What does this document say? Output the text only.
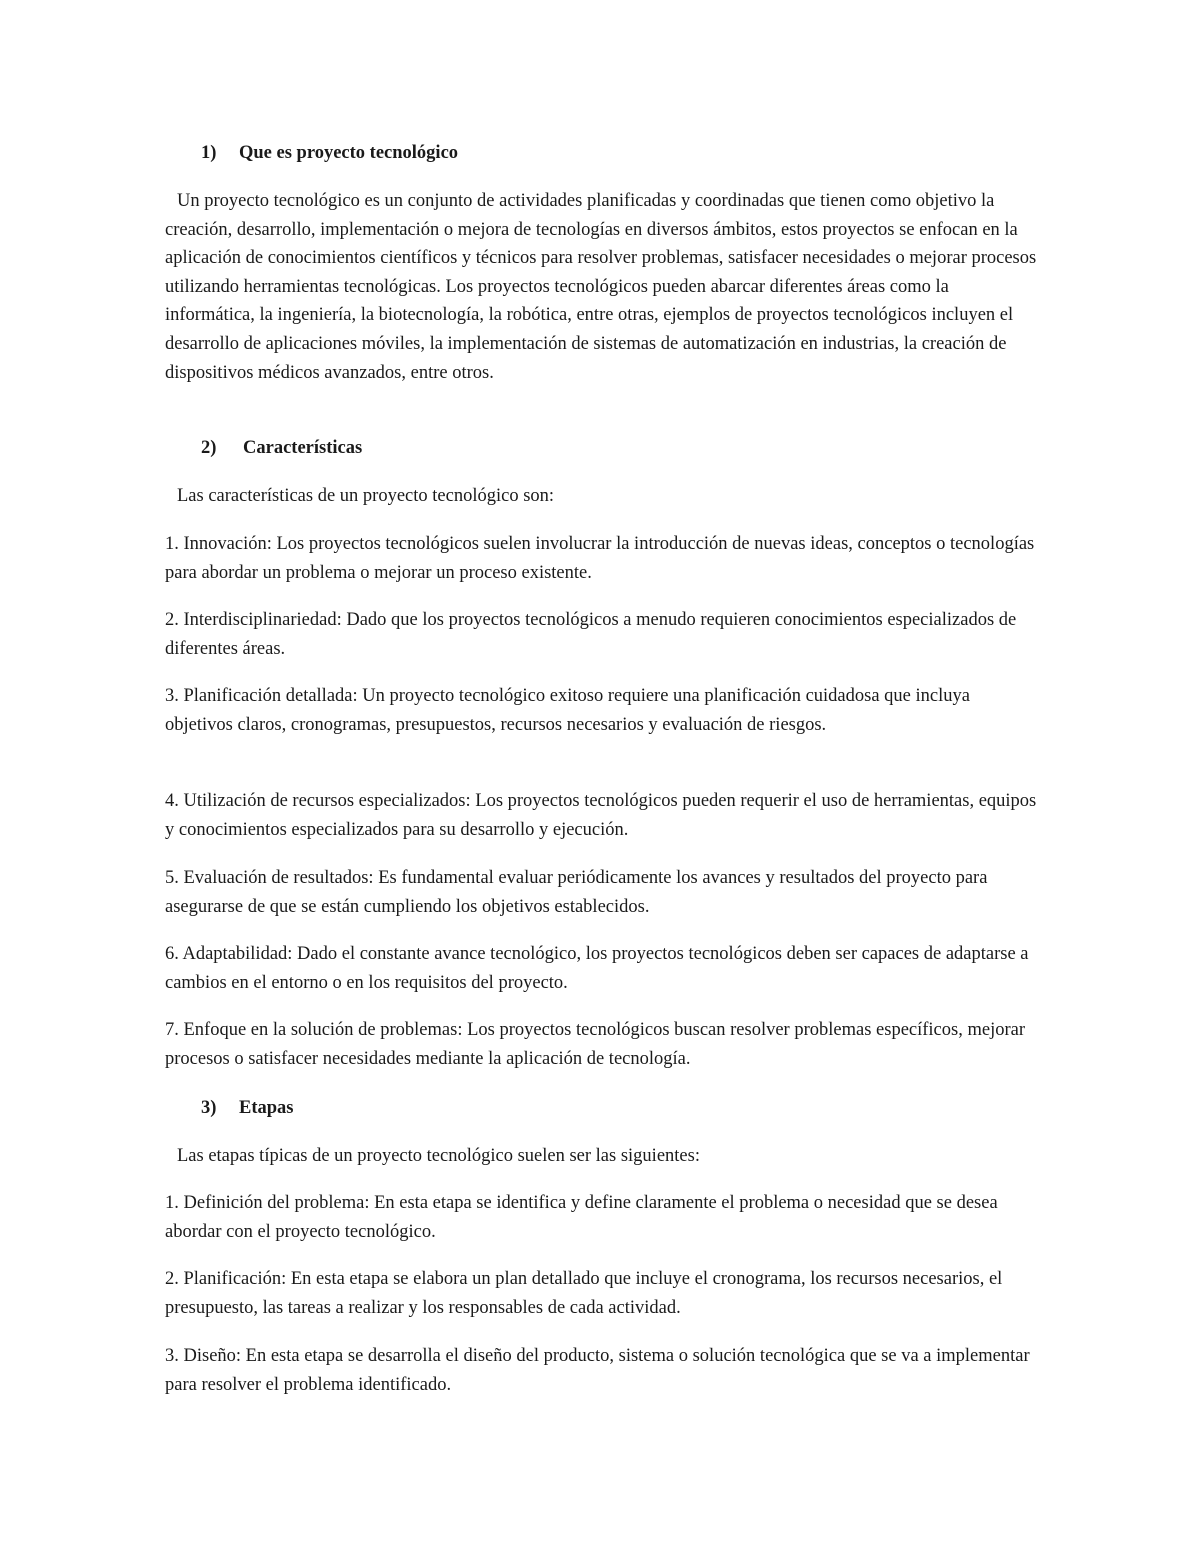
1) Que es proyecto tecnológico

Un proyecto tecnológico es un conjunto de actividades planificadas y coordinadas que tienen como objetivo la creación, desarrollo, implementación o mejora de tecnologías en diversos ámbitos, estos proyectos se enfocan en la aplicación de conocimientos científicos y técnicos para resolver problemas, satisfacer necesidades o mejorar procesos utilizando herramientas tecnológicas. Los proyectos tecnológicos pueden abarcar diferentes áreas como la informática, la ingeniería, la biotecnología, la robótica, entre otras, ejemplos de proyectos tecnológicos incluyen el desarrollo de aplicaciones móviles, la implementación de sistemas de automatización en industrias, la creación de dispositivos médicos avanzados, entre otros.

2) Características

Las características de un proyecto tecnológico son:

1. Innovación: Los proyectos tecnológicos suelen involucrar la introducción de nuevas ideas, conceptos o tecnologías para abordar un problema o mejorar un proceso existente.

2. Interdisciplinariedad: Dado que los proyectos tecnológicos a menudo requieren conocimientos especializados de diferentes áreas.

3. Planificación detallada: Un proyecto tecnológico exitoso requiere una planificación cuidadosa que incluya objetivos claros, cronogramas, presupuestos, recursos necesarios y evaluación de riesgos.

4. Utilización de recursos especializados: Los proyectos tecnológicos pueden requerir el uso de herramientas, equipos y conocimientos especializados para su desarrollo y ejecución.

5. Evaluación de resultados: Es fundamental evaluar periódicamente los avances y resultados del proyecto para asegurarse de que se están cumpliendo los objetivos establecidos.

6. Adaptabilidad: Dado el constante avance tecnológico, los proyectos tecnológicos deben ser capaces de adaptarse a cambios en el entorno o en los requisitos del proyecto.

7. Enfoque en la solución de problemas: Los proyectos tecnológicos buscan resolver problemas específicos, mejorar procesos o satisfacer necesidades mediante la aplicación de tecnología.

3) Etapas

Las etapas típicas de un proyecto tecnológico suelen ser las siguientes:

1. Definición del problema: En esta etapa se identifica y define claramente el problema o necesidad que se desea abordar con el proyecto tecnológico.

2. Planificación: En esta etapa se elabora un plan detallado que incluye el cronograma, los recursos necesarios, el presupuesto, las tareas a realizar y los responsables de cada actividad.

3. Diseño: En esta etapa se desarrolla el diseño del producto, sistema o solución tecnológica que se va a implementar para resolver el problema identificado.
